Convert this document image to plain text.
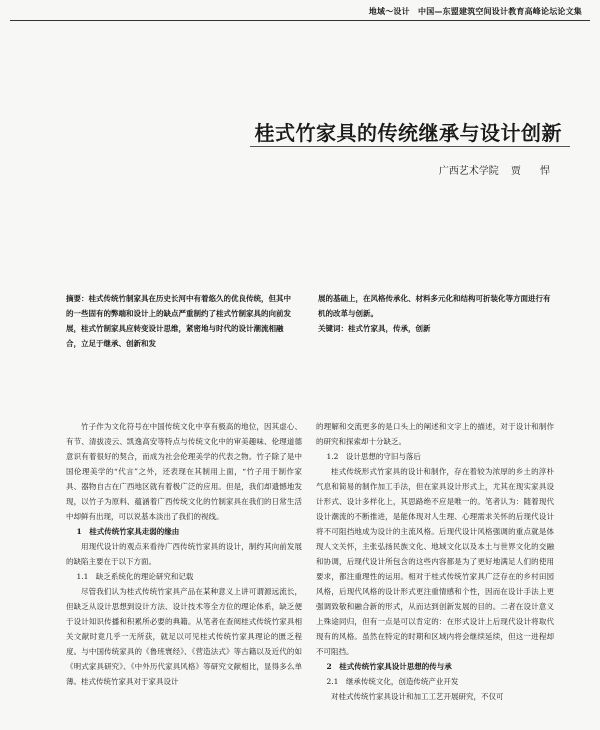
地域～设计　中国—东盟建筑空间设计教育高峰论坛论文集
桂式竹家具的传统继承与设计创新
广西艺术学院 贾 悍
摘要：桂式传统竹制家具在历史长河中有着悠久的优良传统，但其中的一些固有的弊端和设计上的缺点严重制约了桂式竹制家具的向前发展，桂式竹制家具应转变设计思维，紧密地与时代的设计潮流相融合，立足于继承、创新和发
展的基础上，在风格传承化、材料多元化和结构可折装化等方面进行有机的改革与创新。
关键词：桂式竹家具，传承，创新

竹子作为文化符号在中国传统文化中享有极高的地位，因其虚心、有节、清拔凌云、凯逸高安等特点与传统文化中的审美趣味、伦理道德意识有着很好的契合，而成为社会伦理美学的代表之物。竹子除了是中国伦理美学的“代言”之外，还表现在其制用上面，“竹子用于制作家具、器物自古在广西地区就有着极广泛的应用。但是，我们却遗憾地发现，以竹子为原料、蕴涵着广西传统文化的竹制家具在我们的日常生活中却鲜有出现，可以说基本淡出了我们的视线。

1　桂式传统竹家具走弱的缘由

用现代设计的观点来看待广西传统竹家具的设计，制约其向前发展的缺陷主要在于以下方面。

1.1　缺乏系统化的理论研究和记载

尽管我们认为桂式传统竹家具产品在某种意义上讲可谓源远流长，但缺乏从设计思想到设计方法、设计技术等全方位的理论体系，缺乏便于设计知识传播和积累所必要的典籍。从笔者在查阅桂式传统竹家具相关文献时竟几乎一无所获，就足以可见桂式传统竹家具理论的匮乏程度。与中国传统家具的《鲁班寰经》、《营造法式》等古籍以及近代的如《明式家具研究》、《中外历代家具风格》等研究文献相比，显得多么单薄。桂式传统竹家具对于家具设计

的理解和交流更多的是口头上的阐述和文字上的描述，对于设计和制作的研究和探索却十分缺乏。

1.2　设计思想的守旧与落后

桂式传统形式竹家具的设计和制作，存在着较为浓厚的乡土的淳朴气息和简易的制作加工手法，但在家具设计形式上，尤其在现实家具设计形式、设计多样化上，其思路绝不应是唯一的。笔者认为：随着现代设计潮流的不断推进，是能体现对人生理、心理需求关怀的后现代设计将不可阻挡地成为设计的主流风格。后现代设计风格强调的重点就是体现人文关怀，主张弘扬民族文化、地域文化以及本土与世界文化的交融和协调，后现代设计所包含的这些内容都是为了更好地满足人们的使用要求，都注重理性的运用。相对于桂式传统竹家具广泛存在的乡村田园风格，后现代风格的设计形式更注重情感和个性，因而在设计手法上更强调致敬和融合新的形式，从而达到创新发展的目的。二者在设计意义上殊途同归，但有一点是可以肯定的：在形式设计上后现代设计将取代现有的风格。虽然在特定的时期和区域内将会继续延续，但这一进程却不可阻挡。

2　桂式传统竹家具设计思想的传与承
2.1　继承传统文化，创造传统产业开发

对桂式传统竹家具设计和加工工艺开展研究，不仅可
